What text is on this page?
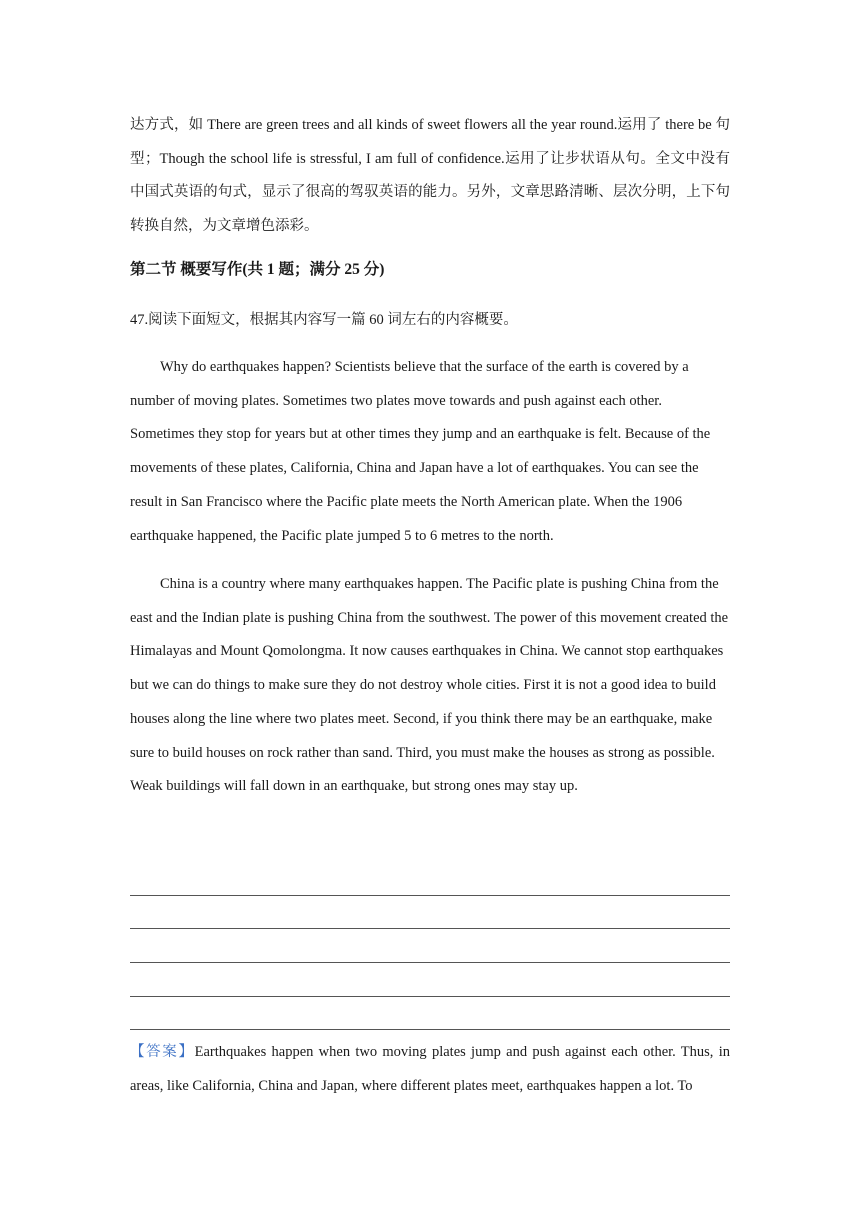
达方式，如 There are green trees and all kinds of sweet flowers all the year round.运用了 there be 句型；Though the school life is stressful, I am full of confidence.运用了让步状语从句。全文中没有中国式英语的句式，显示了很高的驾驭英语的能力。另外，文章思路清晰、层次分明，上下句转换自然，为文章增色添彩。
第二节 概要写作(共 1 题；满分 25 分)
47.阅读下面短文，根据其内容写一篇 60 词左右的内容概要。
Why do earthquakes happen? Scientists believe that the surface of the earth is covered by a number of moving plates. Sometimes two plates move towards and push against each other. Sometimes they stop for years but at other times they jump and an earthquake is felt. Because of the movements of these plates, California, China and Japan have a lot of earthquakes. You can see the result in San Francisco where the Pacific plate meets the North American plate. When the 1906 earthquake happened, the Pacific plate jumped 5 to 6 metres to the north.
China is a country where many earthquakes happen. The Pacific plate is pushing China from the east and the Indian plate is pushing China from the southwest. The power of this movement created the Himalayas and Mount Qomolongma. It now causes earthquakes in China. We cannot stop earthquakes but we can do things to make sure they do not destroy whole cities. First it is not a good idea to build houses along the line where two plates meet. Second, if you think there may be an earthquake, make sure to build houses on rock rather than sand. Third, you must make the houses as strong as possible. Weak buildings will fall down in an earthquake, but strong ones may stay up.
【答案】Earthquakes happen when two moving plates jump and push against each other. Thus, in areas, like California, China and Japan, where different plates meet, earthquakes happen a lot. To
